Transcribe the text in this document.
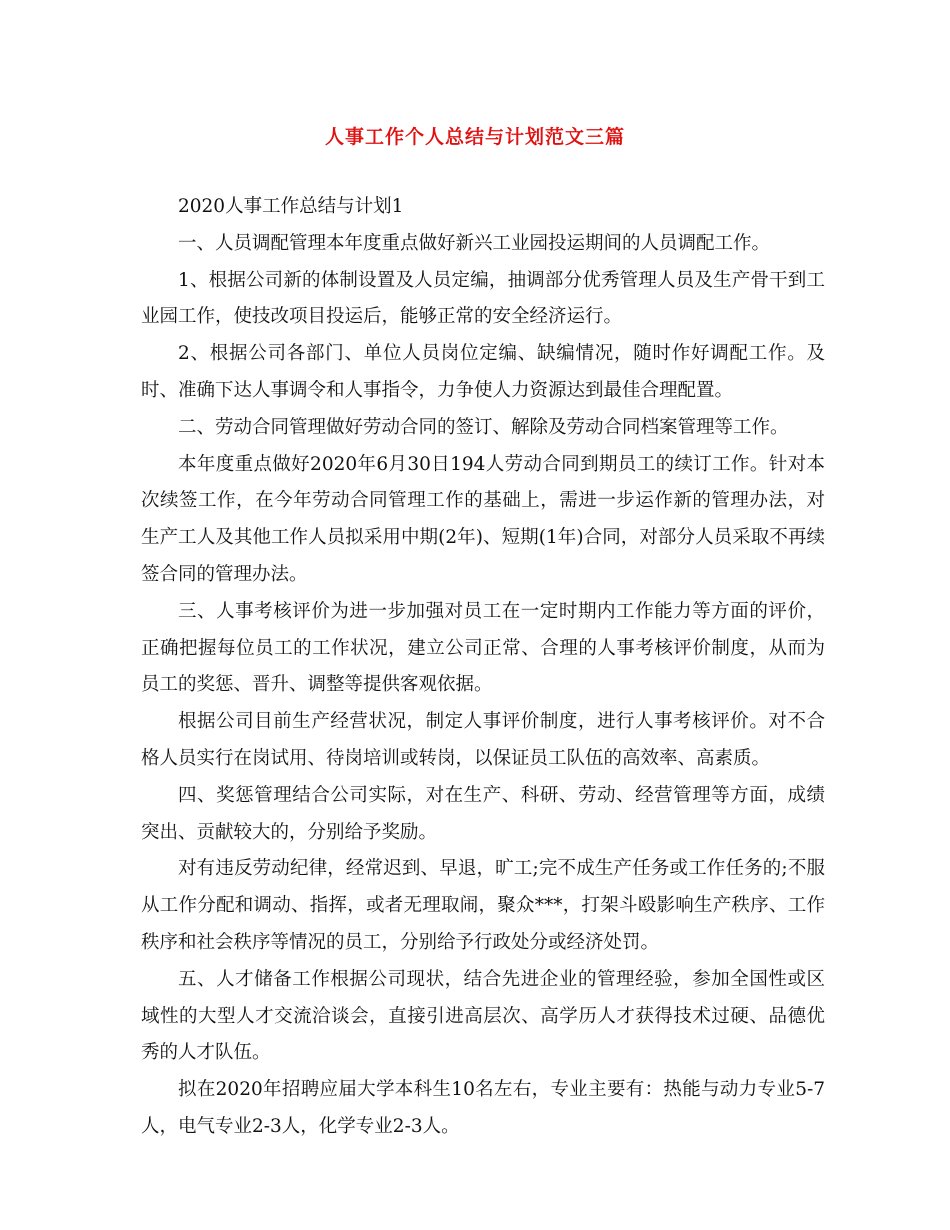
人事工作个人总结与计划范文三篇

2020人事工作总结与计划1

一、人员调配管理本年度重点做好新兴工业园投运期间的人员调配工作。

1、根据公司新的体制设置及人员定编，抽调部分优秀管理人员及生产骨干到工业园工作，使技改项目投运后，能够正常的安全经济运行。

2、根据公司各部门、单位人员岗位定编、缺编情况，随时作好调配工作。及时、准确下达人事调令和人事指令，力争使人力资源达到最佳合理配置。

二、劳动合同管理做好劳动合同的签订、解除及劳动合同档案管理等工作。

本年度重点做好2020年6月30日194人劳动合同到期员工的续订工作。针对本次续签工作，在今年劳动合同管理工作的基础上，需进一步运作新的管理办法，对生产工人及其他工作人员拟采用中期(2年)、短期(1年)合同，对部分人员采取不再续签合同的管理办法。

三、人事考核评价为进一步加强对员工在一定时期内工作能力等方面的评价，正确把握每位员工的工作状况，建立公司正常、合理的人事考核评价制度，从而为员工的奖惩、晋升、调整等提供客观依据。

根据公司目前生产经营状况，制定人事评价制度，进行人事考核评价。对不合格人员实行在岗试用、待岗培训或转岗，以保证员工队伍的高效率、高素质。

四、奖惩管理结合公司实际，对在生产、科研、劳动、经营管理等方面，成绩突出、贡献较大的，分别给予奖励。

对有违反劳动纪律，经常迟到、早退，旷工;完不成生产任务或工作任务的;不服从工作分配和调动、指挥，或者无理取闹，聚众***，打架斗殴影响生产秩序、工作秩序和社会秩序等情况的员工，分别给予行政处分或经济处罚。

五、人才储备工作根据公司现状，结合先进企业的管理经验，参加全国性或区域性的大型人才交流洽谈会，直接引进高层次、高学历人才获得技术过硬、品德优秀的人才队伍。

拟在2020年招聘应届大学本科生10名左右，专业主要有：热能与动力专业5-7人，电气专业2-3人，化学专业2-3人。
